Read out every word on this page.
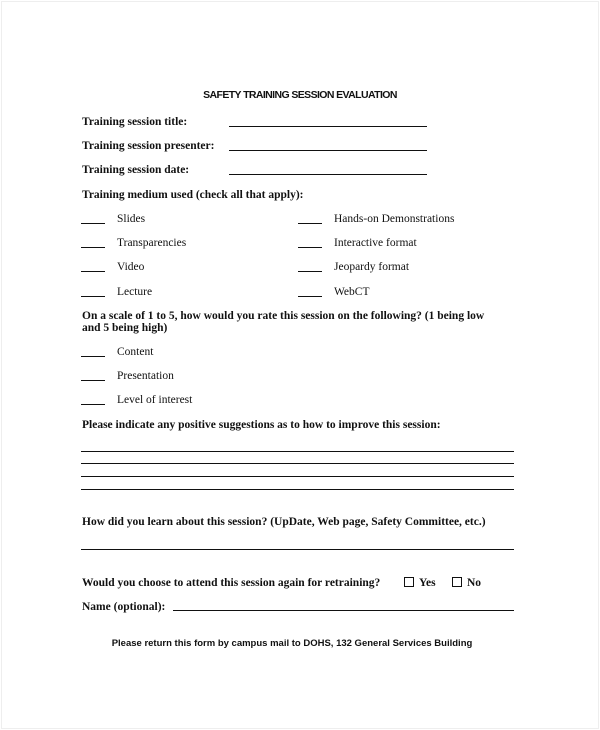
SAFETY TRAINING SESSION EVALUATION
Training session title:
Training session presenter:
Training session date:
Training medium used (check all that apply):
Slides
Transparencies
Video
Lecture
Hands-on Demonstrations
Interactive format
Jeopardy format
WebCT
On a scale of 1 to 5, how would you rate this session on the following? (1 being low
and 5 being high)
Content
Presentation
Level of interest
Please indicate any positive suggestions as to how to improve this session:
How did you learn about this session? (UpDate, Web page, Safety Committee, etc.)
Would you choose to attend this session again for retraining?	Yes	No
Name (optional):
Please return this form by campus mail to DOHS, 132 General Services Building
